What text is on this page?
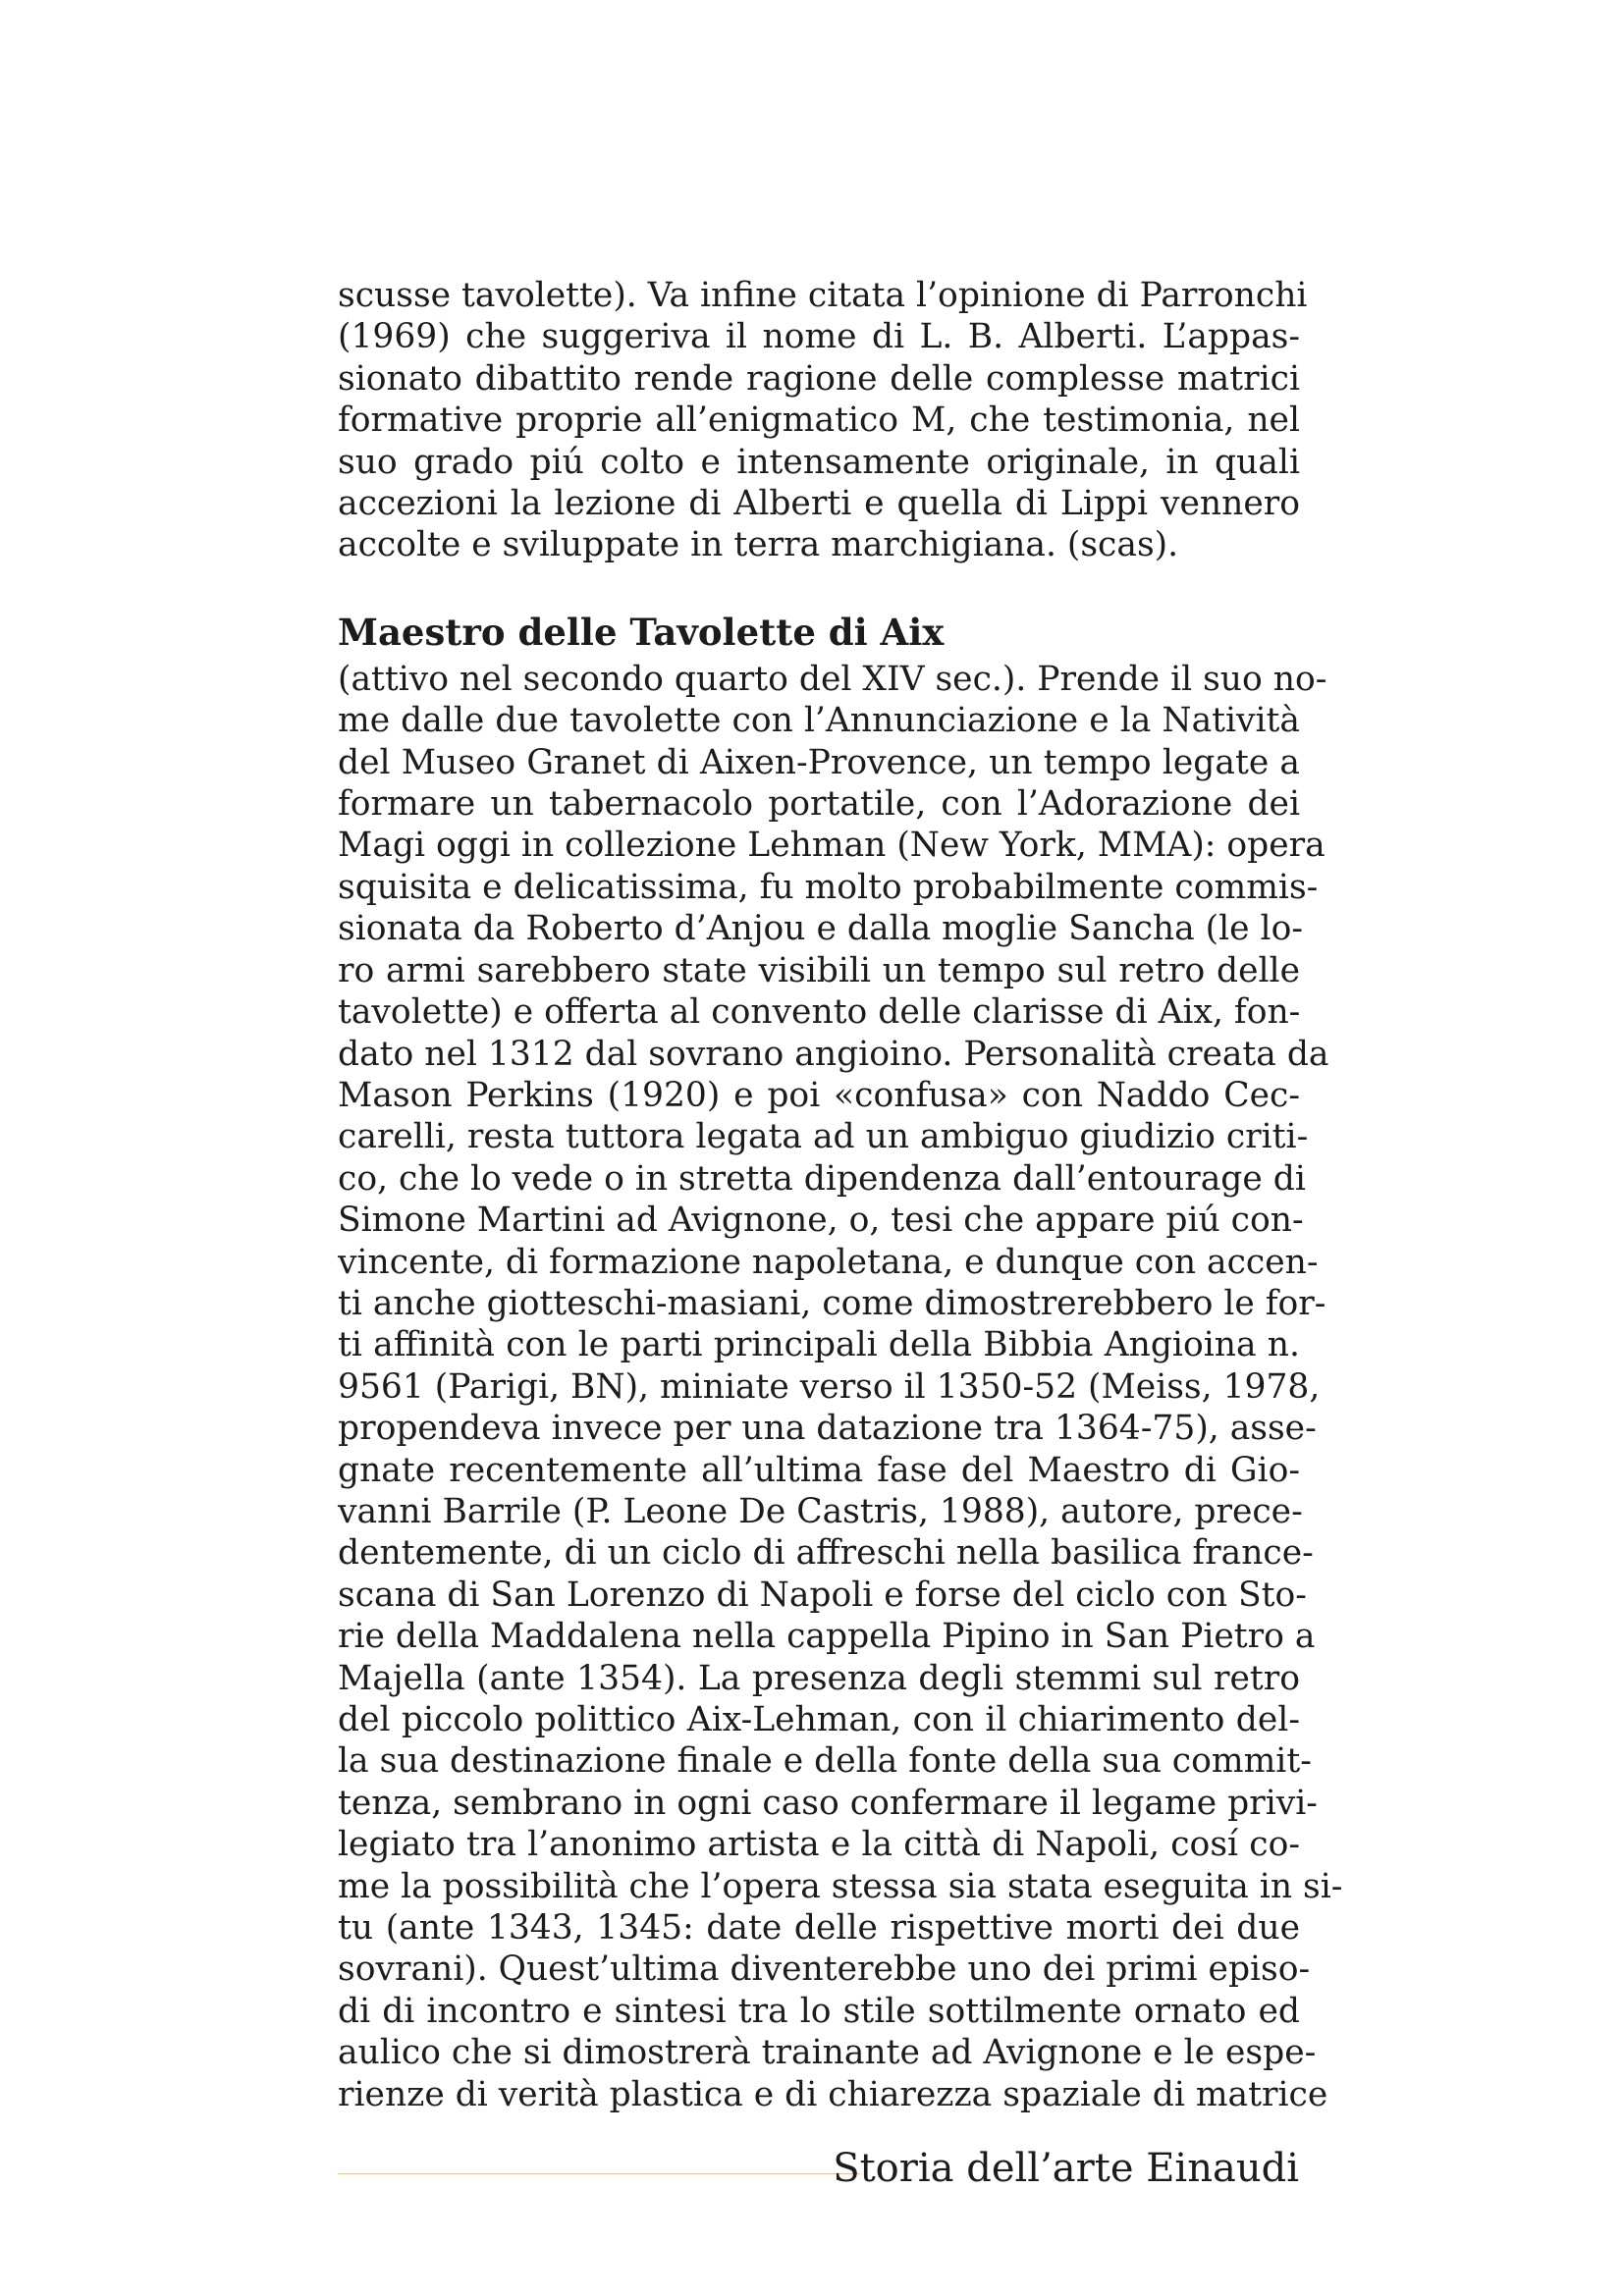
scusse tavolette). Va infine citata l’opinione di Parronchi
(1969) che suggeriva il nome di L. B. Alberti. L’appas-
sionato dibattito rende ragione delle complesse matrici
formative proprie all’enigmatico M, che testimonia, nel
suo grado piú colto e intensamente originale, in quali
accezioni la lezione di Alberti e quella di Lippi vennero
accolte e sviluppate in terra marchigiana. (scas).
Maestro delle Tavolette di Aix
(attivo nel secondo quarto del XIV sec.). Prende il suo no-
me dalle due tavolette con l’Annunciazione e la Natività
del Museo Granet di Aixen-Provence, un tempo legate a
formare un tabernacolo portatile, con l’Adorazione dei
Magi oggi in collezione Lehman (New York, MMA): opera
squisita e delicatissima, fu molto probabilmente commis-
sionata da Roberto d’Anjou e dalla moglie Sancha (le lo-
ro armi sarebbero state visibili un tempo sul retro delle
tavolette) e offerta al convento delle clarisse di Aix, fon-
dato nel 1312 dal sovrano angioino. Personalità creata da
Mason Perkins (1920) e poi «confusa» con Naddo Cec-
carelli, resta tuttora legata ad un ambiguo giudizio criti-
co, che lo vede o in stretta dipendenza dall’entourage di
Simone Martini ad Avignone, o, tesi che appare piú con-
vincente, di formazione napoletana, e dunque con accen-
ti anche giotteschi-masiani, come dimostrerebbero le for-
ti affinità con le parti principali della Bibbia Angioina n.
9561 (Parigi, BN), miniate verso il 1350-52 (Meiss, 1978,
propendeva invece per una datazione tra 1364-75), asse-
gnate recentemente all’ultima fase del Maestro di Gio-
vanni Barrile (P. Leone De Castris, 1988), autore, prece-
dentemente, di un ciclo di affreschi nella basilica france-
scana di San Lorenzo di Napoli e forse del ciclo con Sto-
rie della Maddalena nella cappella Pipino in San Pietro a
Majella (ante 1354). La presenza degli stemmi sul retro
del piccolo polittico Aix-Lehman, con il chiarimento del-
la sua destinazione finale e della fonte della sua commit-
tenza, sembrano in ogni caso confermare il legame privi-
legiato tra l’anonimo artista e la città di Napoli, cosí co-
me la possibilità che l’opera stessa sia stata eseguita in si-
tu (ante 1343, 1345: date delle rispettive morti dei due
sovrani). Quest’ultima diventerebbe uno dei primi episo-
di di incontro e sintesi tra lo stile sottilmente ornato ed
aulico che si dimostrerà trainante ad Avignone e le espe-
rienze di verità plastica e di chiarezza spaziale di matrice
Storia dell’arte Einaudi
